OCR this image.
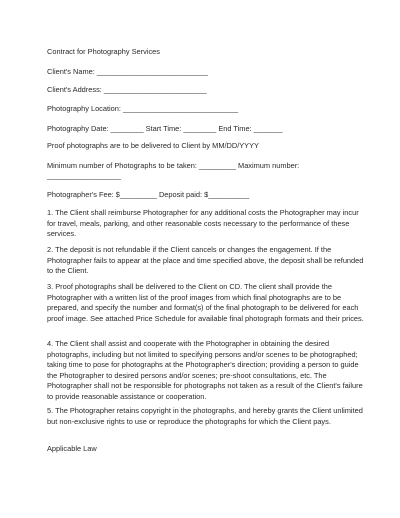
Contract for Photography Services
Client's Name: ___________________________
Client's Address: _________________________
Photography Location: ____________________________
Photography Date: ________ Start Time: ________ End Time: _______
Proof photographs are to be delivered to Client by MM/DD/YYYY
Minimum number of Photographs to be taken: _________ Maximum number:
__________________
Photographer's Fee: $_________ Deposit paid: $__________
1. The Client shall reimburse Photographer for any additional costs the Photographer may incur for travel, meals, parking, and other reasonable costs necessary to the performance of these services.
2. The deposit is not refundable if the Client cancels or changes the engagement. If the Photographer fails to appear at the place and time specified above, the deposit shall be refunded to the Client.
3. Proof photographs shall be delivered to the Client on CD. The client shall provide the Photographer with a written list of the proof images from which final photographs are to be prepared, and specify the number and format(s) of the final photograph to be delivered for each proof image. See attached Price Schedule for available final photograph formats and their prices.
4. The Client shall assist and cooperate with the Photographer in obtaining the desired photographs, including but not limited to specifying persons and/or scenes to be photographed; taking time to pose for photographs at the Photographer's direction; providing a person to guide the Photographer to desired persons and/or scenes; pre-shoot consultations, etc. The Photographer shall not be responsible for photographs not taken as a result of the Client's failure to provide reasonable assistance or cooperation.
5. The Photographer retains copyright in the photographs, and hereby grants the Client unlimited but non-exclusive rights to use or reproduce the photographs for which the Client pays.
Applicable Law
